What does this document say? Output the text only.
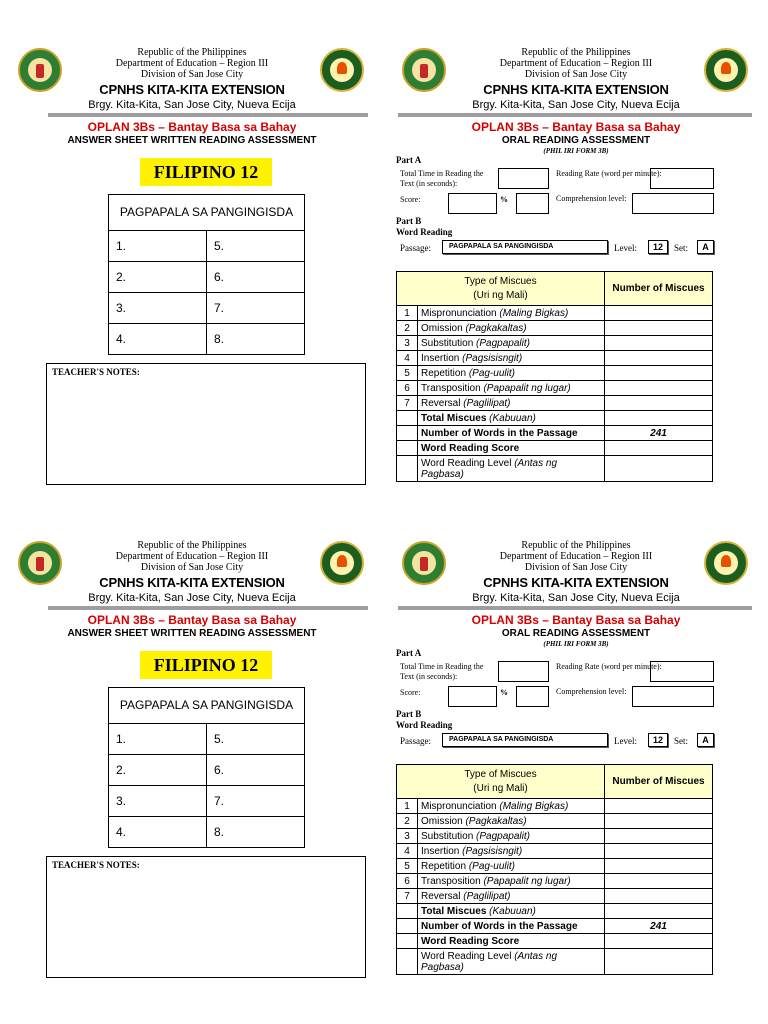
Republic of the Philippines
Department of Education – Region III
Division of San Jose City
CPNHS KITA-KITA EXTENSION
Brgy. Kita-Kita, San Jose City, Nueva Ecija
OPLAN 3Bs – Bantay Basa sa Bahay
ANSWER SHEET WRITTEN READING ASSESSMENT
FILIPINO 12
PAGPAPALA SA PANGINGISDA	
1.	5.
2.	6.
3.	7.
4.	8.
TEACHER'S NOTES:
Republic of the Philippines
Department of Education – Region III
Division of San Jose City
CPNHS KITA-KITA EXTENSION
Brgy. Kita-Kita, San Jose City, Nueva Ecija
OPLAN 3Bs – Bantay Basa sa Bahay
ORAL READING ASSESSMENT
(PHIL IRI FORM 3B)
Part A
Total Time in Reading the Text (in seconds):
Reading Rate (word per minute):
Score:	%	Comprehension level:
Part B
Word Reading
Passage:	PAGPAPALA SA PANGINGISDA	Level:	12	Set:	A
Type of Miscues
(Uri ng Mali)		Number of Miscues
1	Mispronunciation (Maling Bigkas)	
2	Omission (Pagkakaltas)	
3	Substitution (Pagpapalit)	
4	Insertion (Pagsisisngit)	
5	Repetition (Pag-uulit)	
6	Transposition (Papapalit ng lugar)	
7	Reversal (Paglilipat)	
	Total Miscues (Kabuuan)	
	Number of Words in the Passage	241
	Word Reading Score	
	Word Reading Level (Antas ng Pagbasa)	
Republic of the Philippines
Department of Education – Region III
Division of San Jose City
CPNHS KITA-KITA EXTENSION
Brgy. Kita-Kita, San Jose City, Nueva Ecija
OPLAN 3Bs – Bantay Basa sa Bahay
ANSWER SHEET WRITTEN READING ASSESSMENT
FILIPINO 12
PAGPAPALA SA PANGINGISDA	
1.	5.
2.	6.
3.	7.
4.	8.
TEACHER'S NOTES:
Republic of the Philippines
Department of Education – Region III
Division of San Jose City
CPNHS KITA-KITA EXTENSION
Brgy. Kita-Kita, San Jose City, Nueva Ecija
OPLAN 3Bs – Bantay Basa sa Bahay
ORAL READING ASSESSMENT
(PHIL IRI FORM 3B)
Part A
Total Time in Reading the Text (in seconds):
Reading Rate (word per minute):
Score:	%	Comprehension level:
Part B
Word Reading
Passage:	PAGPAPALA SA PANGINGISDA	Level:	12	Set:	A
Type of Miscues
(Uri ng Mali)		Number of Miscues
1	Mispronunciation (Maling Bigkas)	
2	Omission (Pagkakaltas)	
3	Substitution (Pagpapalit)	
4	Insertion (Pagsisisngit)	
5	Repetition (Pag-uulit)	
6	Transposition (Papapalit ng lugar)	
7	Reversal (Paglilipat)	
	Total Miscues (Kabuuan)	
	Number of Words in the Passage	241
	Word Reading Score	
	Word Reading Level (Antas ng Pagbasa)	
